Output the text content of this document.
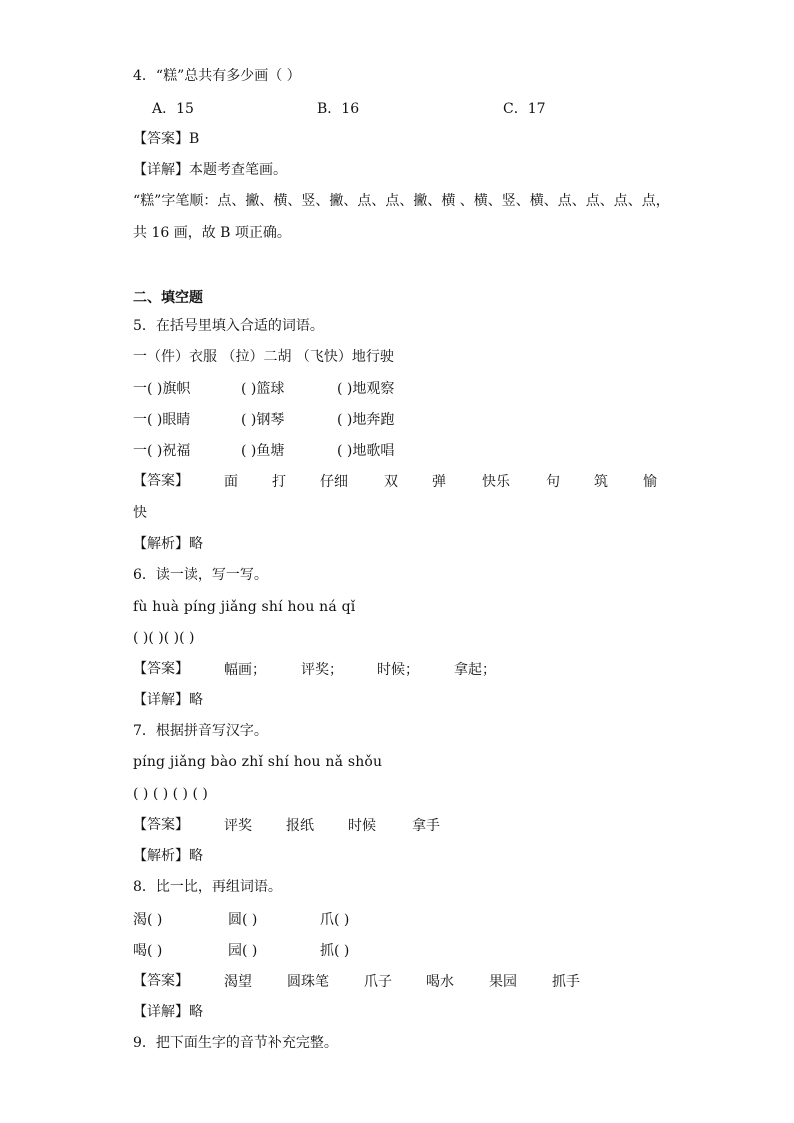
4．“糕”总共有多少画（ ）
A．15	B．16	C．17
【答案】B
【详解】本题考查笔画。
“糕”字笔顺：点、撇、横、竖、撇、点、点、撇、横 、横、竖、横、点、点、点、点，
共 16 画，故 B 项正确。
二、填空题
5．在括号里填入合适的词语。
一（件）衣服 （拉）二胡 （飞快）地行驶
一( )旗帜	( )篮球	( )地观察
一( )眼睛	( )钢琴	( )地奔跑
一( )祝福	( )鱼塘	( )地歌唱
【答案】	面 打 仔细	双 弹	快乐	句 筑	愉
快
【解析】略
6．读一读，写一写。
fù huà píng jiǎng shí hou ná qǐ
( )( )( )( )
【答案】	幅画；	评奖； 时候；	拿起；
【详解】略
7．根据拼音写汉字。
píng jiǎng bào zhǐ shí hou nǎ shǒu
( ) ( ) ( ) ( )
【答案】	评奖 报纸 时候	拿手
【解析】略
8．比一比，再组词语。
渴( )	圆( )	爪( )
喝( )	园( )	抓( )
【答案】	渴望	圆珠笔	爪子 喝水	果园	抓手
【详解】略
9．把下面生字的音节补充完整。
